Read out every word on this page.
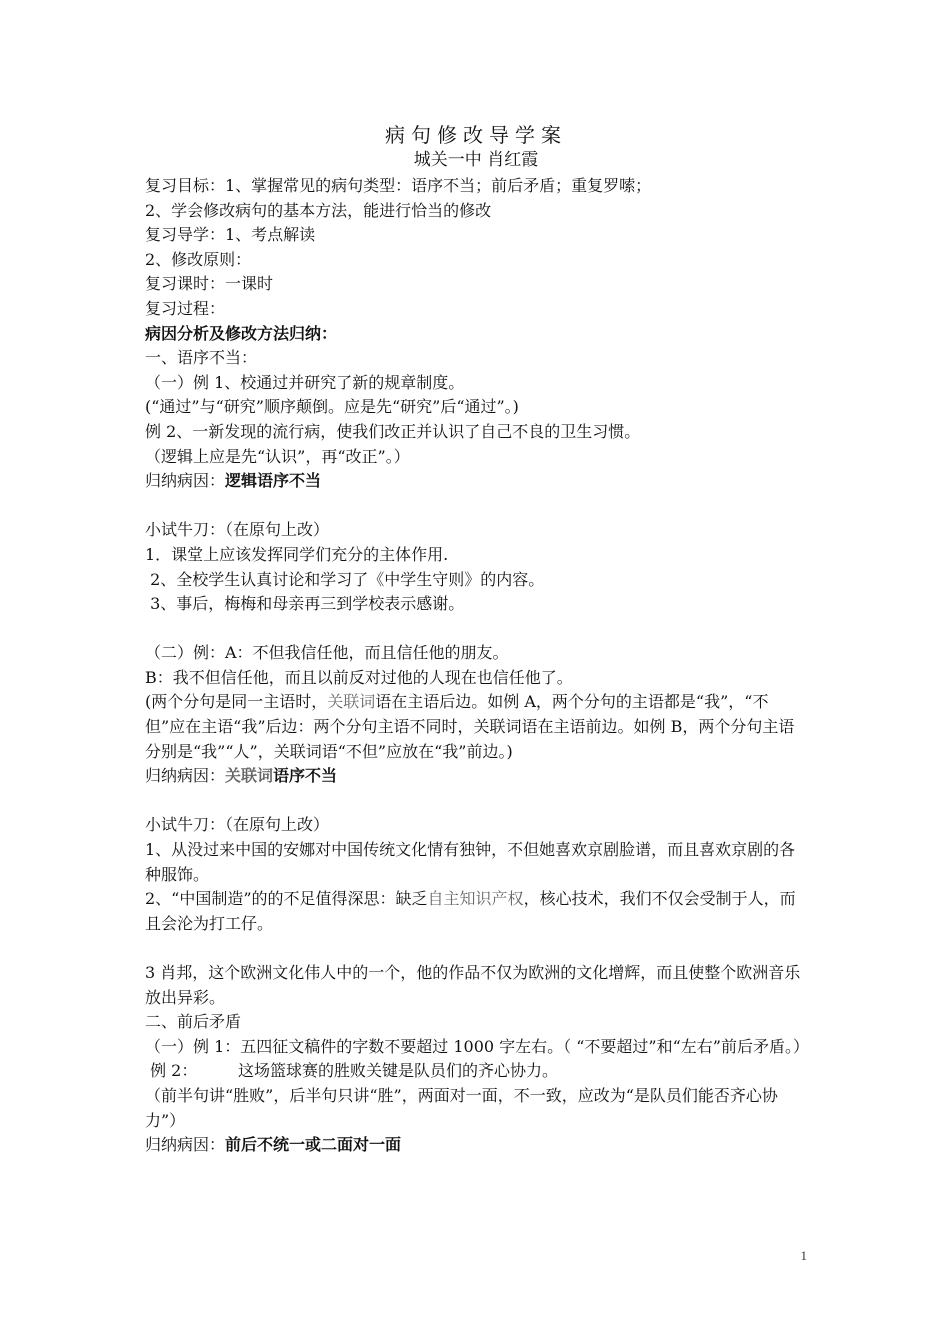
病句修改导学案

城关一中 肖红霞

复习目标：1、掌握常见的病句类型：语序不当；前后矛盾；重复罗嗦；

2、学会修改病句的基本方法，能进行恰当的修改

复习导学：1、考点解读

2、修改原则：

复习课时：一课时

复习过程：

病因分析及修改方法归纳：

一、语序不当：

（一）例 1、校通过并研究了新的规章制度。

(“通过”与“研究”顺序颠倒。应是先“研究”后“通过”。)

例 2、一新发现的流行病，使我们改正并认识了自己不良的卫生习惯。

（逻辑上应是先“认识”，再“改正”。）

归纳病因：逻辑语序不当

小试牛刀：（在原句上改）

1．课堂上应该发挥同学们充分的主体作用.

2、全校学生认真讨论和学习了《中学生守则》的内容。

3、事后，梅梅和母亲再三到学校表示感谢。

（二）例：A：不但我信任他，而且信任他的朋友。

B：我不但信任他，而且以前反对过他的人现在也信任他了。

(两个分句是同一主语时，关联词语在主语后边。如例 A，两个分句的主语都是“我”，“不但”应在主语“我”后边：两个分句主语不同时，关联词语在主语前边。如例 B，两个分句主语分别是“我”“人”，关联词语“不但”应放在“我”前边。)

归纳病因：关联词语序不当

小试牛刀：（在原句上改）

1、从没过来中国的安娜对中国传统文化情有独钟，不但她喜欢京剧脸谱，而且喜欢京剧的各种服饰。

2、“中国制造”的的不足值得深思：缺乏自主知识产权，核心技术，我们不仅会受制于人，而且会沦为打工仔。

3 肖邦，这个欧洲文化伟人中的一个，他的作品不仅为欧洲的文化增辉，而且使整个欧洲音乐放出异彩。

二、前后矛盾

（一）例 1：五四征文稿件的字数不要超过 1000 字左右。（ “不要超过”和“左右”前后矛盾。）

例 2：        这场篮球赛的胜败关键是队员们的齐心协力。

（前半句讲“胜败”，后半句只讲“胜”，两面对一面，不一致，应改为“是队员们能否齐心协力”）

归纳病因：前后不统一或二面对一面

1
